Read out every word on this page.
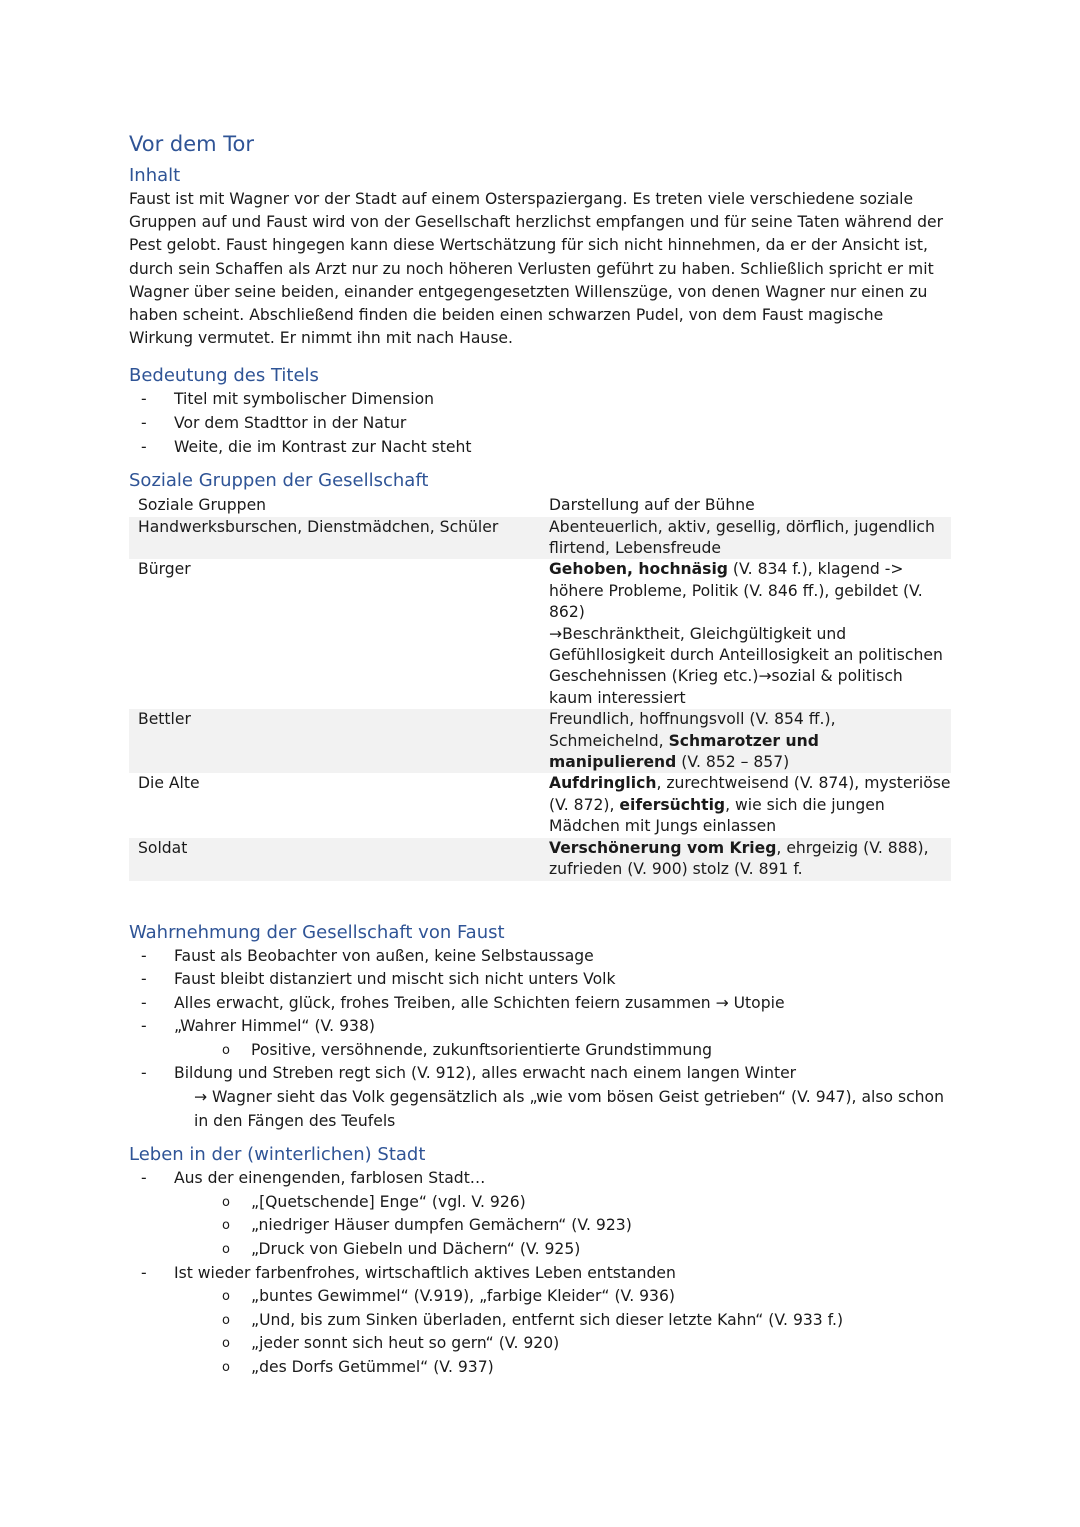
Vor dem Tor
Inhalt

Faust ist mit Wagner vor der Stadt auf einem Osterspaziergang. Es treten viele verschiedene soziale Gruppen auf und Faust wird von der Gesellschaft herzlichst empfangen und für seine Taten während der Pest gelobt. Faust hingegen kann diese Wertschätzung für sich nicht hinnehmen, da er der Ansicht ist, durch sein Schaffen als Arzt nur zu noch höheren Verlusten geführt zu haben. Schließlich spricht er mit Wagner über seine beiden, einander entgegengesetzten Willenszüge, von denen Wagner nur einen zu haben scheint. Abschließend finden die beiden einen schwarzen Pudel, von dem Faust magische Wirkung vermutet. Er nimmt ihn mit nach Hause.

Bedeutung des Titels
- Titel mit symbolischer Dimension
- Vor dem Stadttor in der Natur
- Weite, die im Kontrast zur Nacht steht
Soziale Gruppen der Gesellschaft
Soziale Gruppen	Darstellung auf der Bühne
Handwerksburschen, Dienstmädchen, Schüler	Abenteuerlich, aktiv, gesellig, dörflich, jugendlich flirtend, Lebensfreude
Bürger	Gehoben, hochnäsig (V. 834 f.), klagend -> höhere Probleme, Politik (V. 846 ff.), gebildet (V. 862)
→Beschränktheit, Gleichgültigkeit und Gefühllosigkeit durch Anteillosigkeit an politischen Geschehnissen (Krieg etc.)→sozial & politisch kaum interessiert
Bettler	Freundlich, hoffnungsvoll (V. 854 ff.), Schmeichelnd, Schmarotzer und manipulierend (V. 852 – 857)
Die Alte	Aufdringlich, zurechtweisend (V. 874), mysteriöse (V. 872), eifersüchtig, wie sich die jungen Mädchen mit Jungs einlassen
Soldat	Verschönerung vom Krieg, ehrgeizig (V. 888), zufrieden (V. 900) stolz (V. 891 f.
Wahrnehmung der Gesellschaft von Faust
- Faust als Beobachter von außen, keine Selbstaussage
- Faust bleibt distanziert und mischt sich nicht unters Volk
- Alles erwacht, glück, frohes Treiben, alle Schichten feiern zusammen → Utopie
- „Wahrer Himmel“ (V. 938)
o Positive, versöhnende, zukunftsorientierte Grundstimmung
- Bildung und Streben regt sich (V. 912), alles erwacht nach einem langen Winter
→ Wagner sieht das Volk gegensätzlich als „wie vom bösen Geist getrieben“ (V. 947), also schon in den Fängen des Teufels
Leben in der (winterlichen) Stadt
- Aus der einengenden, farblosen Stadt…
o „[Quetschende] Enge“ (vgl. V. 926)
o „niedriger Häuser dumpfen Gemächern“ (V. 923)
o „Druck von Giebeln und Dächern“ (V. 925)
- Ist wieder farbenfrohes, wirtschaftlich aktives Leben entstanden
o „buntes Gewimmel“ (V.919), „farbige Kleider“ (V. 936)
o „Und, bis zum Sinken überladen, entfernt sich dieser letzte Kahn“ (V. 933 f.)
o „jeder sonnt sich heut so gern“ (V. 920)
o „des Dorfs Getümmel“ (V. 937)
